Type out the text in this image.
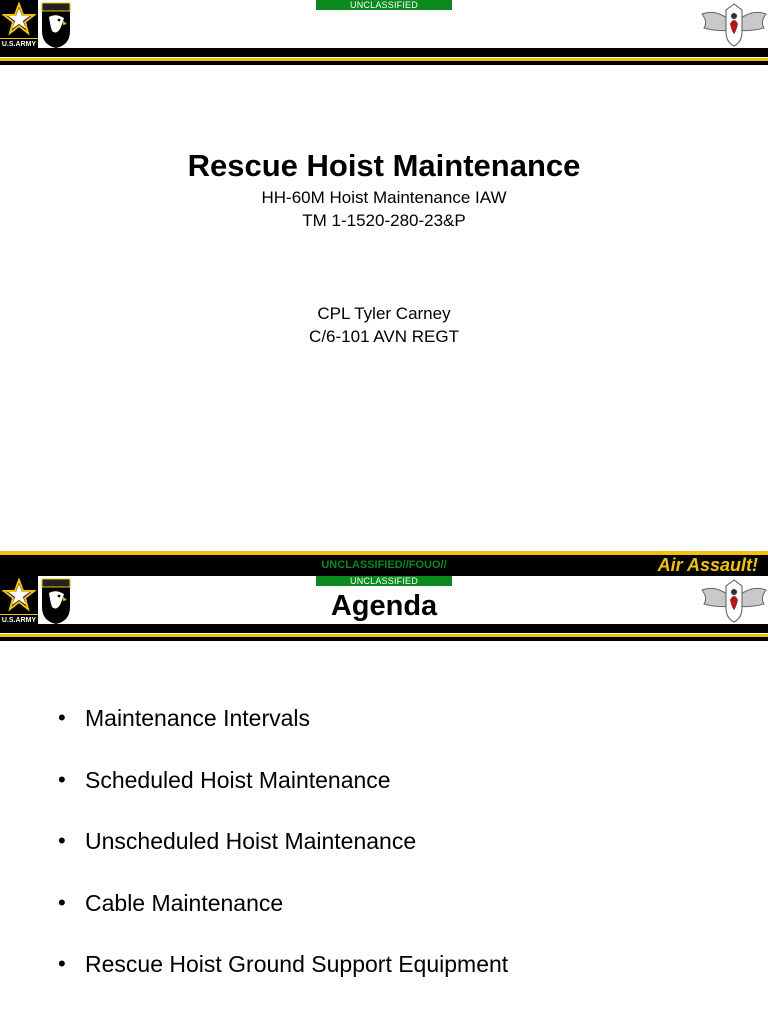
UNCLASSIFIED
U.S.ARMY
Rescue Hoist Maintenance
HH-60M Hoist Maintenance IAW
TM 1-1520-280-23&P
CPL Tyler Carney
C/6-101 AVN REGT
UNCLASSIFIED//FOUO//	Air Assault!
UNCLASSIFIED
U.S.ARMY	Agenda
• Maintenance Intervals
• Scheduled Hoist Maintenance
• Unscheduled Hoist Maintenance
• Cable Maintenance
• Rescue Hoist Ground Support Equipment
